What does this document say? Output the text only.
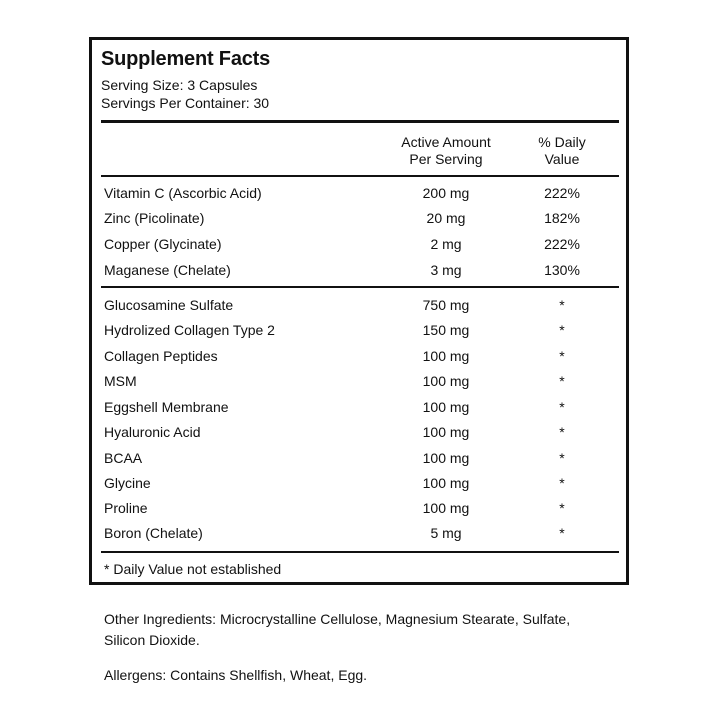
Supplement Facts
Serving Size: 3 Capsules
Servings Per Container: 30
Active Amount
Per Serving
% Daily
Value
Vitamin C (Ascorbic Acid)	200 mg	222%
Zinc (Picolinate)	20 mg	182%
Copper (Glycinate)	2 mg	222%
Maganese (Chelate)	3 mg	130%
Glucosamine Sulfate	750 mg	*
Hydrolized Collagen Type 2	150 mg	*
Collagen Peptides	100 mg	*
MSM	100 mg	*
Eggshell Membrane	100 mg	*
Hyaluronic Acid	100 mg	*
BCAA	100 mg	*
Glycine	100 mg	*
Proline	100 mg	*
Boron (Chelate)	5 mg	*
* Daily Value not established
Other Ingredients: Microcrystalline Cellulose, Magnesium Stearate, Sulfate,
Silicon Dioxide.
Allergens: Contains Shellfish, Wheat, Egg.
